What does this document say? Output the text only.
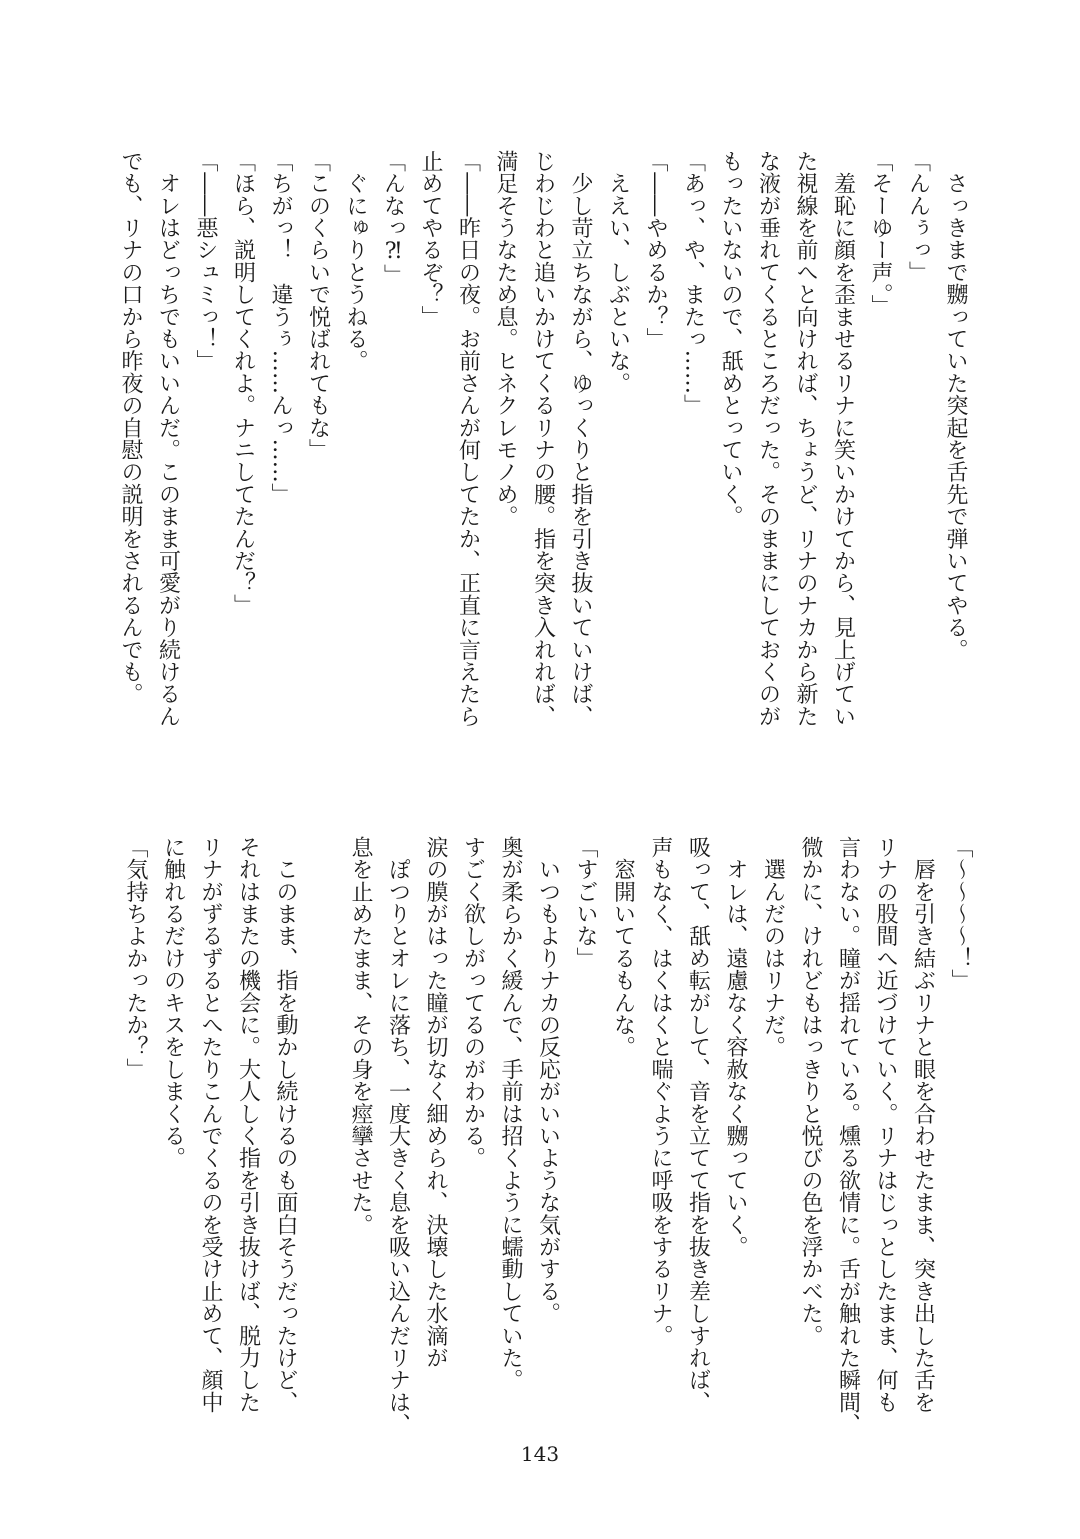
　さっきまで嬲っていた突起を舌先で弾いてやる。
「んんぅっ」
「そーゆー声。」
　羞恥に顔を歪ませるリナに笑いかけてから、見上げてい
た視線を前へと向ければ、ちょうど、リナのナカから新た
な液が垂れてくるところだった。そのままにしておくのが
もったいないので、舐めとっていく。
「あっ、や、またっ……」
「――やめるか？」
　ええい、しぶといな。
　少し苛立ちながら、ゆっくりと指を引き抜いていけば、
じわじわと追いかけてくるリナの腰。指を突き入れれば、
満足そうなため息。ヒネクレモノめ。
「――昨日の夜。お前さんが何してたか、正直に言えたら
止めてやるぞ？」
「んなっ⁈」
　ぐにゅりとうねる。
「このくらいで悦ばれてもな」
「ちがっ！　違うぅ……んっ……」
「ほら、説明してくれよ。ナニしてたんだ？」
「――悪シュミっ！」
　オレはどっちでもいいんだ。このまま可愛がり続けるん
でも、リナの口から昨夜の自慰の説明をされるんでも。
「〜〜〜〜！」
　唇を引き結ぶリナと眼を合わせたまま、突き出した舌を
リナの股間へ近づけていく。リナはじっとしたまま、何も
言わない。瞳が揺れている。燻る欲情に。舌が触れた瞬間、
微かに、けれどもはっきりと悦びの色を浮かべた。
　選んだのはリナだ。
　オレは、遠慮なく容赦なく嬲っていく。
吸って、舐め転がして、音を立てて指を抜き差しすれば、
声もなく、はくはくと喘ぐように呼吸をするリナ。
　窓開いてるもんな。
「すごいな」
　いつもよりナカの反応がいいような気がする。
奥が柔らかく緩んで、手前は招くように蠕動していた。
すごく欲しがってるのがわかる。
涙の膜がはった瞳が切なく細められ、決壊した水滴が
　ぽつりとオレに落ち、一度大きく息を吸い込んだリナは、
息を止めたまま、その身を痙攣させた。
　このまま、指を動かし続けるのも面白そうだったけど、
それはまたの機会に。大人しく指を引き抜けば、脱力した
リナがずるずるとへたりこんでくるのを受け止めて、顔中
に触れるだけのキスをしまくる。
「気持ちよかったか？」
143
